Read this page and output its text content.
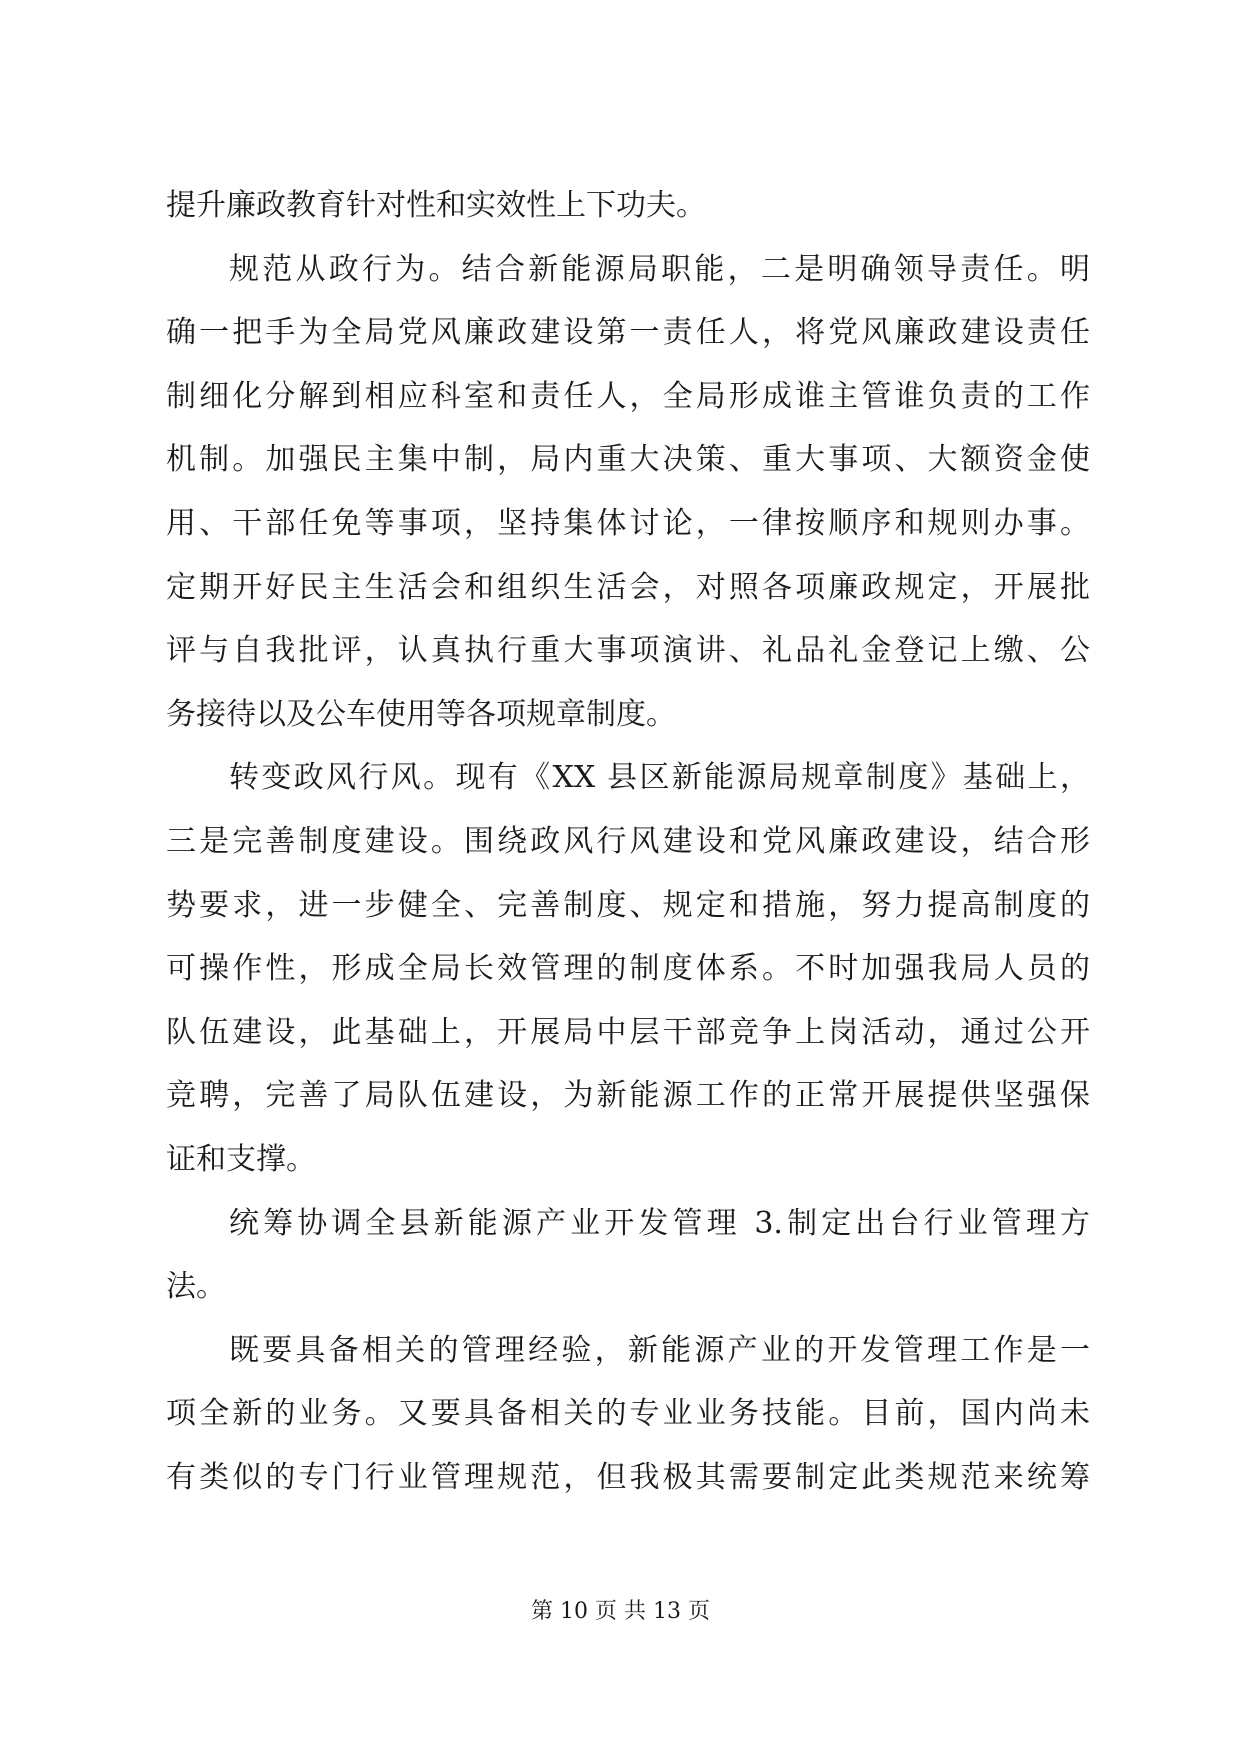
提升廉政教育针对性和实效性上下功夫。
规范从政行为。结合新能源局职能，二是明确领导责任。明
确一把手为全局党风廉政建设第一责任人，将党风廉政建设责任
制细化分解到相应科室和责任人，全局形成谁主管谁负责的工作
机制。加强民主集中制，局内重大决策、重大事项、大额资金使
用、干部任免等事项，坚持集体讨论，一律按顺序和规则办事。
定期开好民主生活会和组织生活会，对照各项廉政规定，开展批
评与自我批评，认真执行重大事项演讲、礼品礼金登记上缴、公
务接待以及公车使用等各项规章制度。
转变政风行风。现有《XX 县区新能源局规章制度》基础上，
三是完善制度建设。围绕政风行风建设和党风廉政建设，结合形
势要求，进一步健全、完善制度、规定和措施，努力提高制度的
可操作性，形成全局长效管理的制度体系。不时加强我局人员的
队伍建设，此基础上，开展局中层干部竞争上岗活动，通过公开
竞聘，完善了局队伍建设，为新能源工作的正常开展提供坚强保
证和支撑。
统筹协调全县新能源产业开发管理 3.制定出台行业管理方
法。
既要具备相关的管理经验，新能源产业的开发管理工作是一
项全新的业务。又要具备相关的专业业务技能。目前，国内尚未
有类似的专门行业管理规范，但我极其需要制定此类规范来统筹
第 10 页 共 13 页
